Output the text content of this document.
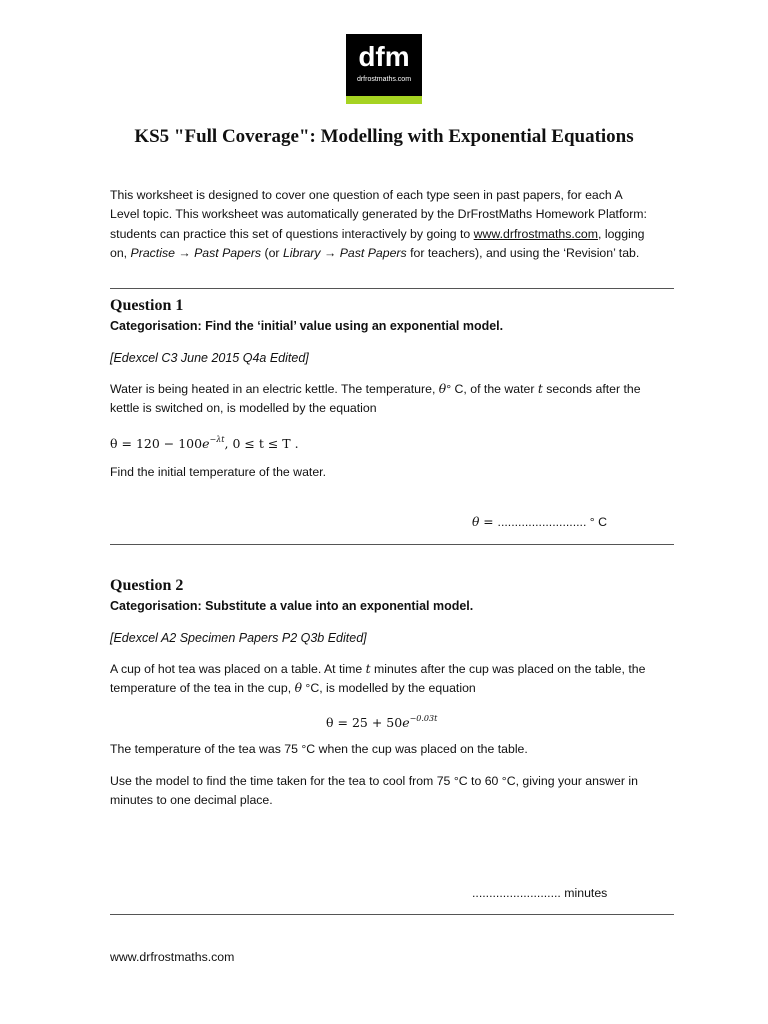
dfm
drfrostmaths.com
KS5 "Full Coverage": Modelling with Exponential Equations
This worksheet is designed to cover one question of each type seen in past papers, for each A Level topic. This worksheet was automatically generated by the DrFrostMaths Homework Platform: students can practice this set of questions interactively by going to www.drfrostmaths.com, logging on, Practise → Past Papers (or Library → Past Papers for teachers), and using the ‘Revision’ tab.
Question 1
Categorisation: Find the ‘initial’ value using an exponential model.
[Edexcel C3 June 2015 Q4a Edited]
Water is being heated in an electric kettle. The temperature, θ° C, of the water t seconds after the kettle is switched on, is modelled by the equation
$\theta = 120 - 100e^{-\lambda t}$, 0 ≤ t ≤ T .
Find the initial temperature of the water.
θ = .......................... ° C
Question 2
Categorisation: Substitute a value into an exponential model.
[Edexcel A2 Specimen Papers P2 Q3b Edited]
A cup of hot tea was placed on a table. At time t minutes after the cup was placed on the table, the temperature of the tea in the cup, θ °C, is modelled by the equation
$\theta = 25 + 50e^{-0.03t}$
The temperature of the tea was 75 °C when the cup was placed on the table.
Use the model to find the time taken for the tea to cool from 75 °C to 60 °C, giving your answer in minutes to one decimal place.
.......................... minutes
www.drfrostmaths.com
